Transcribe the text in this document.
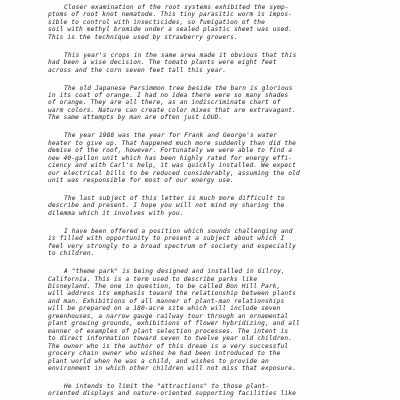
Closer examination of the root systems exhibited the symp-
ptoms of root knot nematode. This tiny parasitic worm is impos-
sible to control with insecticides, so fumigation of the
soil with methyl bromide under a sealed plastic sheet was used.
This is the technique used by strawberry growers.
This year's crops in the same area made it obvious that this
had been a wise decision. The tomato plants were eight feet
across and the corn seven feet tall this year.
The old Japanese Persimmon tree beside the barn is glorious
in its coat of orange. I had no idea there were so many shades
of orange. They are all there, as an indiscriminate chart of
warm colors. Nature can create color mixes that are extravagant.
The same attempts by man are often just LOUD.
The year 1988 was the year for Frank and George's water
heater to give up. That happened much more suddenly than did the
demise of the roof, however. Fortunately we were able to find a
new 40-gallon unit which has been highly rated for energy effi-
ciency and with Carl's help, it was quickly installed. We expect
our electrical bills to be reduced considerably, assuming the old
unit was responsible for most of our energy use.
The last subject of this letter is much more difficult to
describe and present. I hope you will not mind my sharing the
dilemma which it involves with you.
I have been offered a position which sounds challenging and
is filled with opportunity to present a subject about which I
feel very strongly to a broad spectrum of society and especially
to children.
A "theme park" is being designed and installed in Gilroy,
California. This is a term used to describe parks like
Disneyland. The one in question, to be called Bon Hill Park,
will address its emphasis toward the relationship between plants
and man. Exhibitions of all manner of plant-man relationships
will be prepared on a 180-acre site which will include seven
greenhouses, a narrow gauge railway tour through an ornamental
plant growing grounds, exhibitions of flower hybridizing, and all
manner of examples of plant selection processes. The intent is
to direct information toward seven to twelve year old children.
The owner who is the author of this dream is a very successful
grocery chain owner who wishes he had been introduced to the
plant world when he was a child, and wishes to provide an
environment in which other children will not miss that exposure.
He intends to limit the "attractions" to those plant-
oriented displays and nature-oriented supporting facilities like
